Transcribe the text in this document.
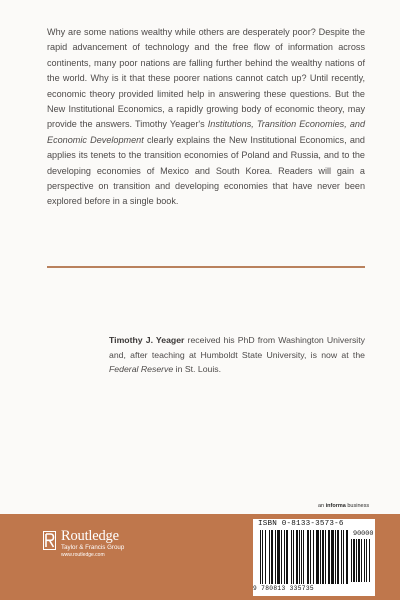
Why are some nations wealthy while others are desperately poor? Despite the rapid advancement of technology and the free flow of information across continents, many poor nations are falling further behind the wealthy nations of the world. Why is it that these poorer nations cannot catch up? Until recently, economic theory provided limited help in answering these questions. But the New Institutional Economics, a rapidly growing body of economic theory, may provide the answers. Timothy Yeager's Institutions, Transition Economies, and Economic Development clearly explains the New Institutional Economics, and applies its tenets to the transition economies of Poland and Russia, and to the developing economies of Mexico and South Korea. Readers will gain a perspective on transition and developing economies that have never been explored before in a single book.

Timothy J. Yeager received his PhD from Washington University and, after teaching at Humboldt State University, is now at the Federal Reserve in St. Louis.

an informa business
Routledge
Taylor & Francis Group
www.routledge.com
ISBN 0-8133-3573-6
90000
9 780813 335735
